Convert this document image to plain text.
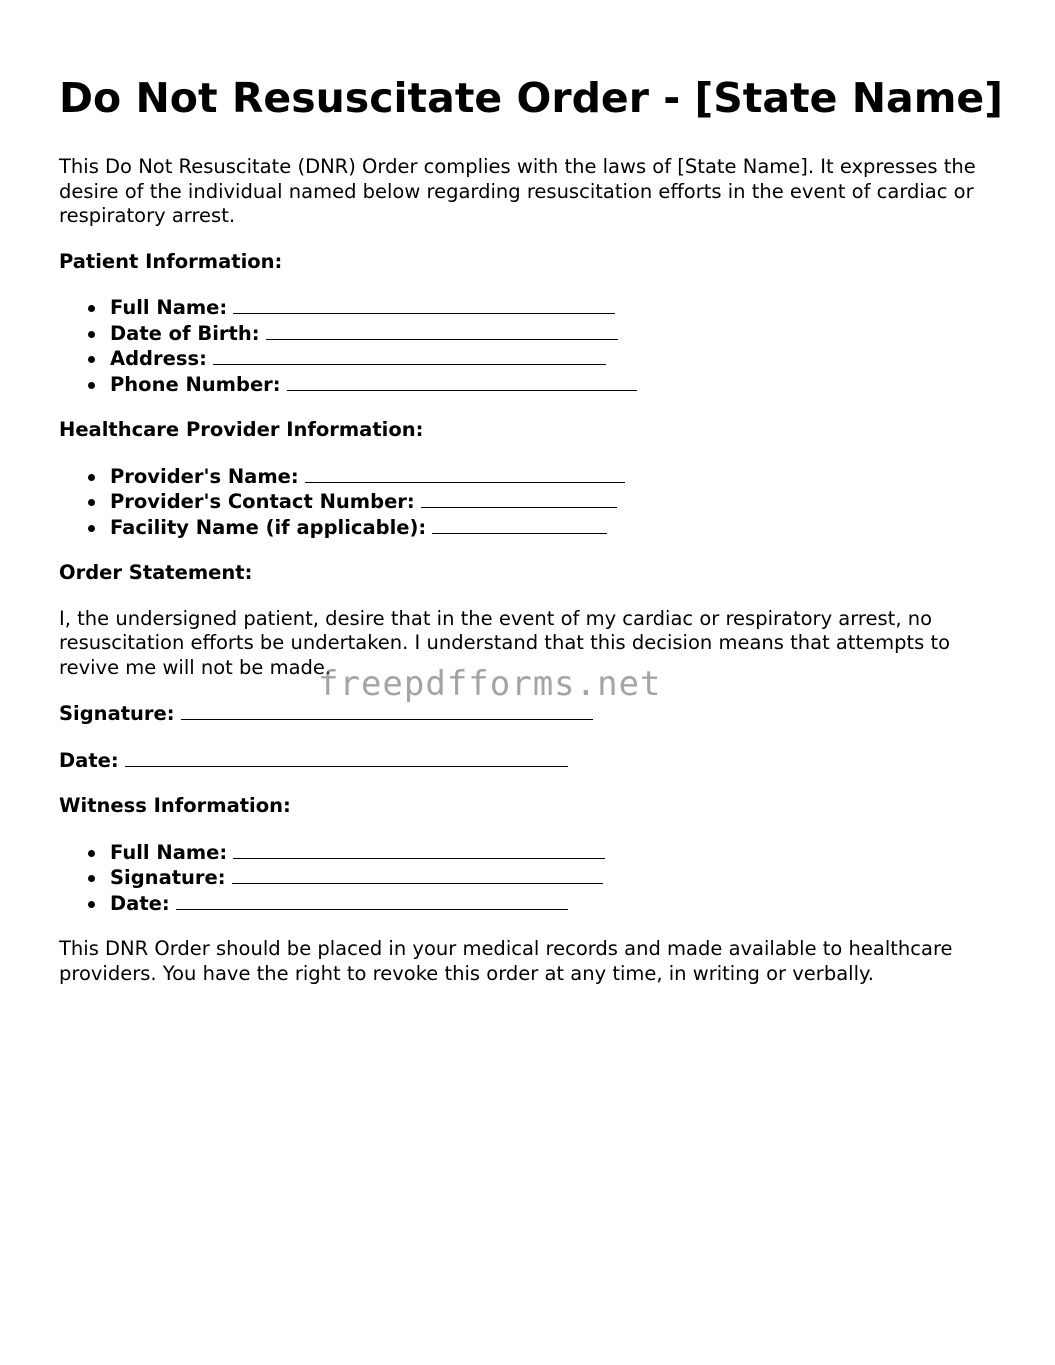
Do Not Resuscitate Order - [State Name]

This Do Not Resuscitate (DNR) Order complies with the laws of [State Name]. It expresses the desire of the individual named below regarding resuscitation efforts in the event of cardiac or respiratory arrest.

Patient Information:

Full Name:
Date of Birth:
Address:
Phone Number:

Healthcare Provider Information:

Provider's Name:
Provider's Contact Number:
Facility Name (if applicable):

Order Statement:

I, the undersigned patient, desire that in the event of my cardiac or respiratory arrest, no resuscitation efforts be undertaken. I understand that this decision means that attempts to revive me will not be made.

Signature:

Date:

Witness Information:

Full Name:
Signature:
Date:

This DNR Order should be placed in your medical records and made available to healthcare providers. You have the right to revoke this order at any time, in writing or verbally.

freepdfforms.net
